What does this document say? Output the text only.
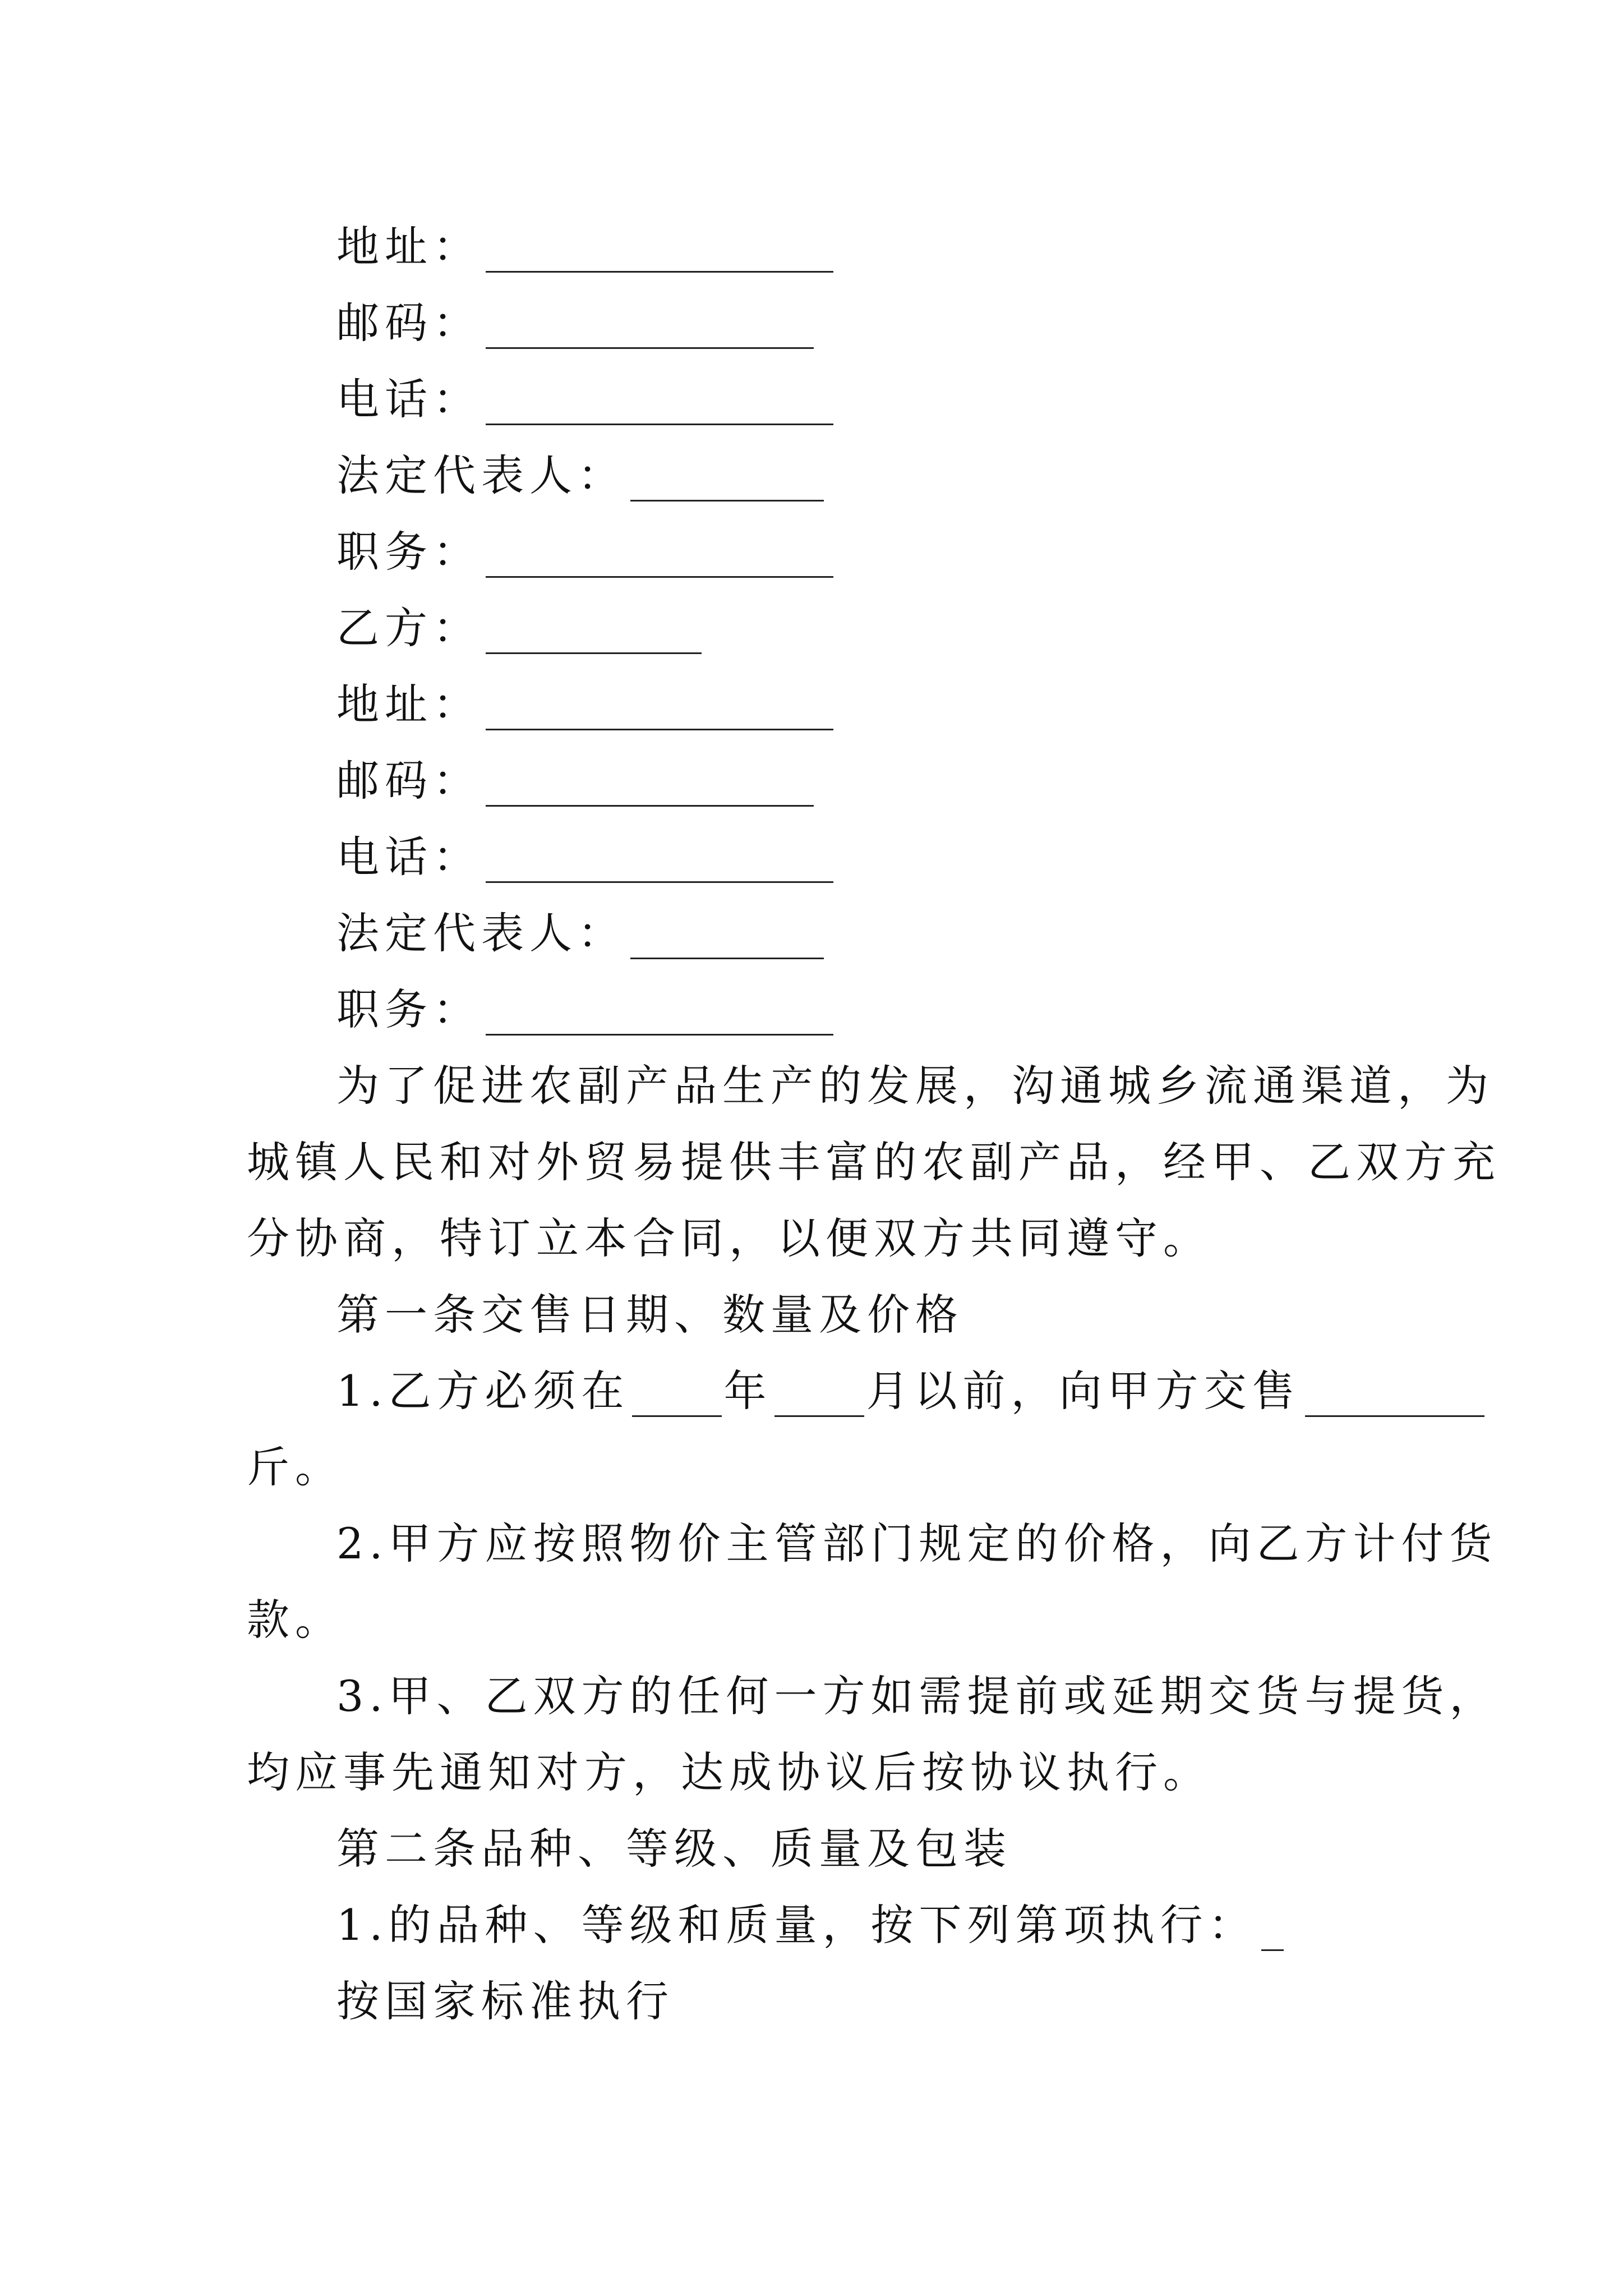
地址：
邮码：
电话：
法定代表人：
职务：
乙方：
地址：
邮码：
电话：
法定代表人：
职务：
为了促进农副产品生产的发展，沟通城乡流通渠道，为
城镇人民和对外贸易提供丰富的农副产品，经甲、乙双方充
分协商，特订立本合同，以便双方共同遵守。
第一条交售日期、数量及价格
1.乙方必须在 年 月以前，向甲方交售
斤。
2.甲方应按照物价主管部门规定的价格，向乙方计付货
款。
3.甲、乙双方的任何一方如需提前或延期交货与提货，
均应事先通知对方，达成协议后按协议执行。
第二条品种、等级、质量及包装
1.的品种、等级和质量，按下列第项执行：
按国家标准执行
